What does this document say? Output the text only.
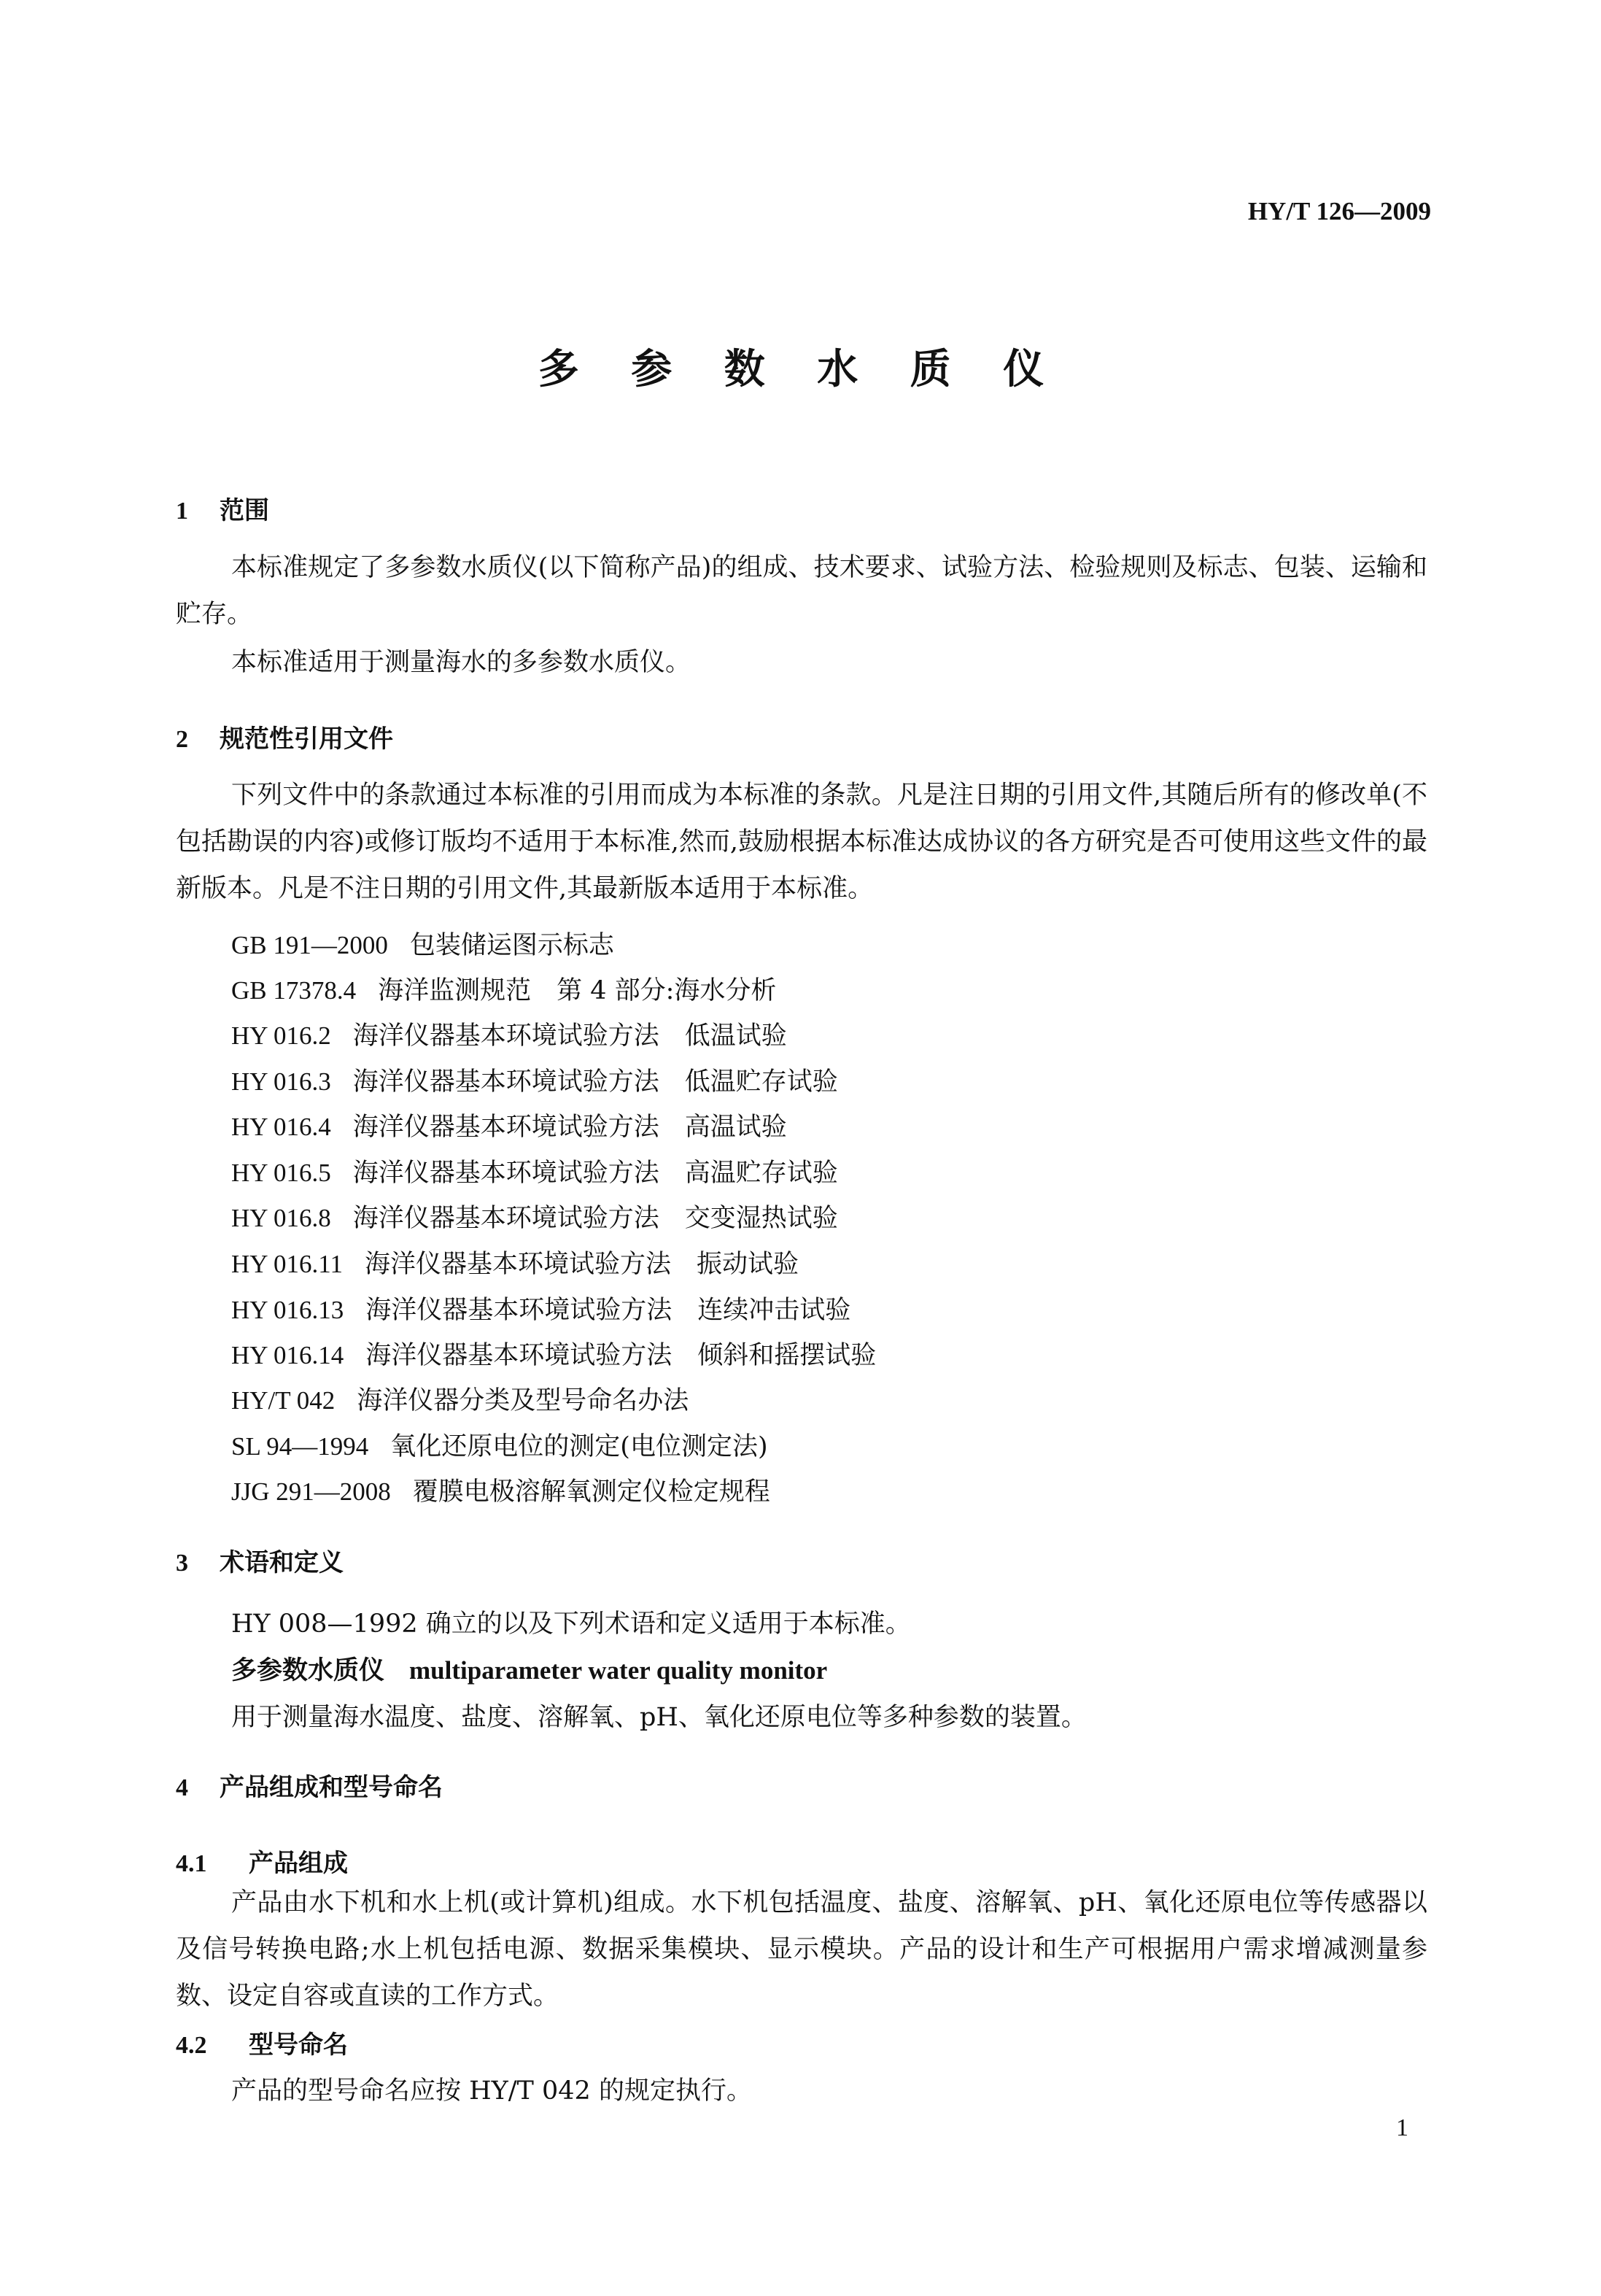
HY/T 126—2009
多 参 数 水 质 仪
1 范围

本标准规定了多参数水质仪(以下简称产品)的组成、技术要求、试验方法、检验规则及标志、包装、运输和贮存。

本标准适用于测量海水的多参数水质仪。

2 规范性引用文件

下列文件中的条款通过本标准的引用而成为本标准的条款。凡是注日期的引用文件,其随后所有的修改单(不包括勘误的内容)或修订版均不适用于本标准,然而,鼓励根据本标准达成协议的各方研究是否可使用这些文件的最新版本。凡是不注日期的引用文件,其最新版本适用于本标准。

GB 191—2000 包装储运图示标志
GB 17378.4 海洋监测规范　第 4 部分:海水分析
HY 016.2 海洋仪器基本环境试验方法　低温试验
HY 016.3 海洋仪器基本环境试验方法　低温贮存试验
HY 016.4 海洋仪器基本环境试验方法　高温试验
HY 016.5 海洋仪器基本环境试验方法　高温贮存试验
HY 016.8 海洋仪器基本环境试验方法　交变湿热试验
HY 016.11 海洋仪器基本环境试验方法　振动试验
HY 016.13 海洋仪器基本环境试验方法　连续冲击试验
HY 016.14 海洋仪器基本环境试验方法　倾斜和摇摆试验
HY/T 042 海洋仪器分类及型号命名办法
SL 94—1994 氧化还原电位的测定(电位测定法)
JJG 291—2008 覆膜电极溶解氧测定仪检定规程
3 术语和定义
HY 008—1992 确立的以及下列术语和定义适用于本标准。
多参数水质仪 multiparameter water quality monitor
用于测量海水温度、盐度、溶解氧、pH、氧化还原电位等多种参数的装置。
4 产品组成和型号命名
4.1 产品组成

产品由水下机和水上机(或计算机)组成。水下机包括温度、盐度、溶解氧、pH、氧化还原电位等传感器以及信号转换电路;水上机包括电源、数据采集模块、显示模块。产品的设计和生产可根据用户需求增减测量参数、设定自容或直读的工作方式。

4.2 型号命名
产品的型号命名应按 HY/T 042 的规定执行。
1
